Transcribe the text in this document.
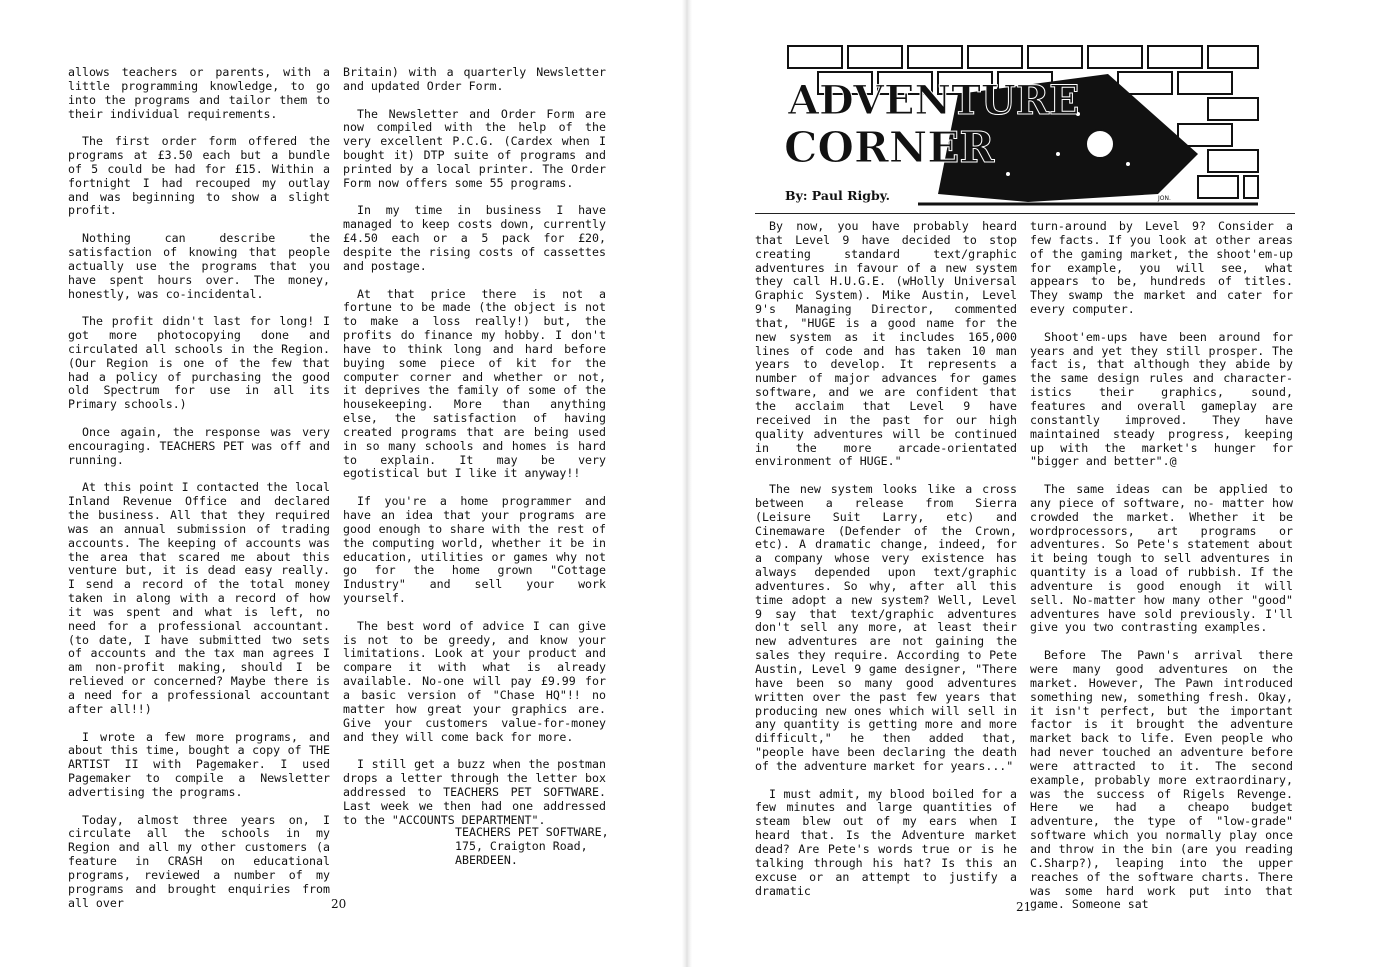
allows teachers or parents, with a little programming knowledge, to go into the programs and tailor them to their individual requirements.

The first order form offered the programs at £3.50 each but a bundle of 5 could be had for £15. Within a fortnight I had recouped my outlay and was beginning to show a slight profit.

Nothing can describe the satisfaction of knowing that people actually use the programs that you have spent hours over. The money, honestly, was co-incidental.

The profit didn't last for long! I got more photocopying done and circulated all schools in the Region. (Our Region is one of the few that had a policy of purchasing the good old Spectrum for use in all its Primary schools.)

Once again, the response was very encouraging. TEACHERS PET was off and running.

At this point I contacted the local Inland Revenue Office and declared the business. All that they required was an annual submission of trading accounts. The keeping of accounts was the area that scared me about this venture but, it is dead easy really. I send a record of the total money taken in along with a record of how it was spent and what is left, no need for a professional accountant. (to date, I have submitted two sets of accounts and the tax man agrees I am non-profit making, should I be relieved or concerned? Maybe there is a need for a professional accountant after all!!)

I wrote a few more programs, and about this time, bought a copy of THE ARTIST II with Pagemaker. I used Pagemaker to compile a Newsletter advertising the programs.

Today, almost three years on, I circulate all the schools in my Region and all my other customers (a feature in CRASH on educational programs, reviewed a number of my programs and brought enquiries from all over

Britain) with a quarterly Newsletter and updated Order Form.

The Newsletter and Order Form are now compiled with the help of the very excellent P.C.G. (Cardex when I bought it) DTP suite of programs and printed by a local printer. The Order Form now offers some 55 programs.

In my time in business I have managed to keep costs down, currently £4.50 each or a 5 pack for £20, despite the rising costs of cassettes and postage.

At that price there is not a fortune to be made (the object is not to make a loss really!) but, the profits do finance my hobby. I don't have to think long and hard before buying some piece of kit for the computer corner and whether or not, it deprives the family of some of the housekeeping. More than anything else, the satisfaction of having created programs that are being used in so many schools and homes is hard to explain. It may be very egotistical but I like it anyway!!

If you're a home programmer and have an idea that your programs are good enough to share with the rest of the computing world, whether it be in education, utilities or games why not go for the home grown "Cottage Industry" and sell your work yourself.

The best word of advice I can give is not to be greedy, and know your limitations. Look at your product and compare it with what is already available. No-one will pay £9.99 for a basic version of "Chase HQ"!! no matter how great your graphics are. Give your customers value-for-money and they will come back for more.

I still get a buzz when the postman drops a letter through the letter box addressed to TEACHERS PET SOFTWARE. Last week we then had one addressed to the "ACCOUNTS DEPARTMENT".

TEACHERS PET SOFTWARE,
175, Craigton Road,
ABERDEEN.
20
ADVENTURE
CORNER
JON.
By: Paul Rigby.

By now, you have probably heard that Level 9 have decided to stop creating standard text/graphic adventures in favour of a new system they call H.U.G.E. (wHolly Universal Graphic System). Mike Austin, Level 9's Managing Director, commented that, "HUGE is a good name for the new system as it includes 165,000 lines of code and has taken 10 man years to develop. It represents a number of major advances for games software, and we are confident that the acclaim that Level 9 have received in the past for our high quality adventures will be continued in the more arcade-orientated environment of HUGE."

The new system looks like a cross between a release from Sierra (Leisure Suit Larry, etc) and Cinemaware (Defender of the Crown, etc). A dramatic change, indeed, for a company whose very existence has always depended upon text/graphic adventures. So why, after all this time adopt a new system? Well, Level 9 say that text/graphic adventures don't sell any more, at least their new adventures are not gaining the sales they require. According to Pete Austin, Level 9 game designer, "There have been so many good adventures written over the past few years that producing new ones which will sell in any quantity is getting more and more difficult," he then added that, "people have been declaring the death of the adventure market for years..."

I must admit, my blood boiled for a few minutes and large quantities of steam blew out of my ears when I heard that. Is the Adventure market dead? Are Pete's words true or is he talking through his hat? Is this an excuse or an attempt to justify a dramatic

turn-around by Level 9? Consider a few facts. If you look at other areas of the gaming market, the shoot'em-up for example, you will see, what appears to be, hundreds of titles. They swamp the market and cater for every computer.

Shoot'em-ups have been around for years and yet they still prosper. The fact is, that although they abide by the same design rules and character-istics their graphics, sound, features and overall gameplay are constantly improved. They have maintained steady progress, keeping up with the market's hunger for "bigger and better".@

The same ideas can be applied to any piece of software, no- matter how crowded the market. Whether it be wordprocessors, art programs or adventures. So Pete's statement about it being tough to sell adventures in quantity is a load of rubbish. If the adventure is good enough it will sell. No-matter how many other "good" adventures have sold previously. I'll give you two contrasting examples.

Before The Pawn's arrival there were many good adventures on the market. However, The Pawn introduced something new, something fresh. Okay, it isn't perfect, but the important factor is it brought the adventure market back to life. Even people who had never touched an adventure before were attracted to it. The second example, probably more extraordinary, was the success of Rigels Revenge. Here we had a cheapo budget adventure, the type of "low-grade" software which you normally play once and throw in the bin (are you reading C.Sharp?), leaping into the upper reaches of the software charts. There was some hard work put into that game. Someone sat

21
